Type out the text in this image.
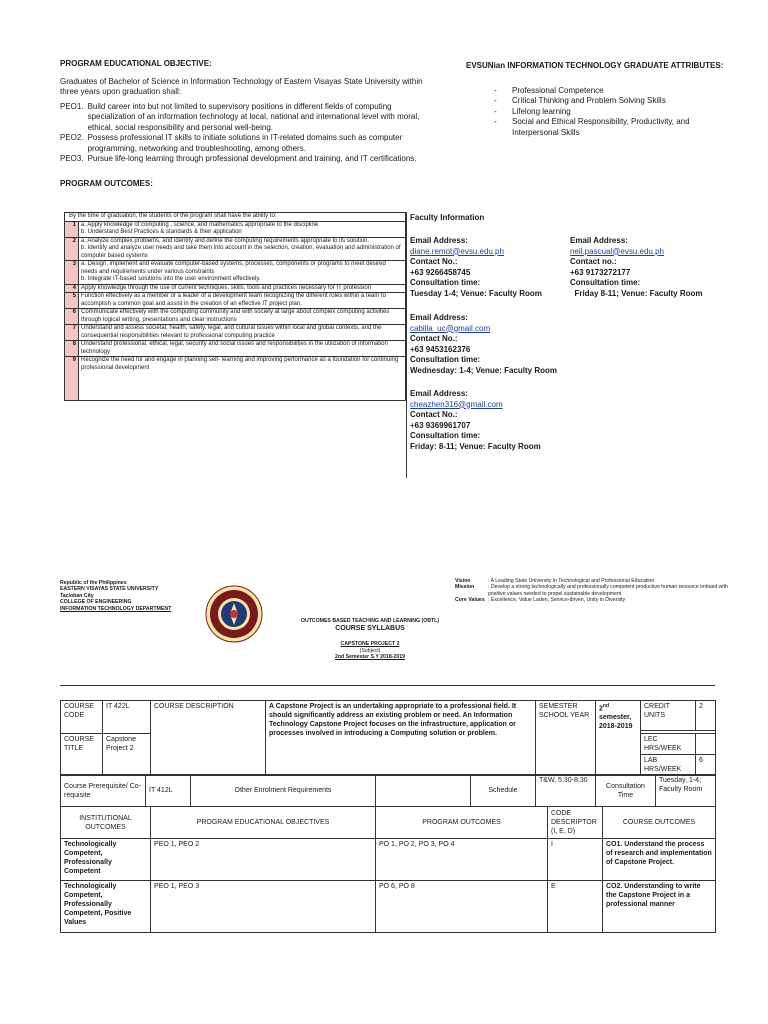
PROGRAM EDUCATIONAL OBJECTIVE:

Graduates of Bachelor of Science in Information Technology of Eastern Visayas State University within three years upon graduation shall:

PEO1. Build career into but not limited to supervisory positions in different fields of computing specialization of an information technology at local, national and international level with moral, ethical, social responsibility and personal well-being.
PEO2. Possess professional IT skills to initiate solutions in IT-related domains such as computer programming, networking and troubleshooting, among others.
PEO3. Pursue life-long learning through professional development and training, and IT certifications.

PROGRAM OUTCOMES:

EVSUNian INFORMATION TECHNOLOGY GRADUATE ATTRIBUTES:
-	Professional Competence
-	Critical Thinking and Problem Solving Skills
-	Lifelong learning
-	Social and Ethical Responsibility, Productivity, and Interpersonal Skills
By the time of graduation, the students of the program shall have the ability to:	
1	a. Apply knowledge of computing , science, and mathematics appropriate to the discipline
b. Understand Best Practices & standards & their application
2	a. Analyze complex problems, and identify and define the computing requirements appropriate to its solution.
b. Identify and analyze user needs and take them into account in the selection, creation, evaluation and administration of computer based systems
3	a. Design, implement and evaluate computer-based systems, processes, components or programs to meet desired needs and requirements under various constraints
b. Integrate IT-based solutions into the user environment effectively.
4	Apply knowledge through the use of current techniques, skills, tools and practices necessary for IT profession
5	Function effectively as a member or a leader of a development team recognizing the different roles within a team to accomplish a common goal and assist in the creation of an effective IT project plan.
6	Communicate effectively with the computing community and with society at large about complex computing activities through logical writing, presentations and clear instructions
7	Understand and assess societal, health, safety, legal, and cultural issues within local and global contexts, and the consequential responsibilities relevant to professional computing practice
8	Understand professional, ethical, legal, security and social issues and responsibilities in the utilization of information technology
9	Recognize the need for and engage in planning self- learning and improving performance as a foundation for continuing professional development
Faculty Information
Email Address:
diane.remot@evsu.edu.ph
Contact No.:
+63 9266458745
Consultation time:
Tuesday 1-4; Venue: Faculty Room
Email Address:
neil.pascual@evsu.edu.ph
Contact no.:
+63 9173272177
Consultation time:
Friday 8-11; Venue: Faculty Room
Email Address:
cabilla_uc@gmail.com
Contact No.:
+63 9453162376
Consultation time:
Wednesday: 1-4; Venue: Faculty Room
Email Address:
cheazhen316@gmail.com
Contact No.:
+63 9369961707
Consultation time:
Friday: 8-11; Venue: Faculty Room
Republic of the Philippines
EASTERN VISAYAS STATE UNIVERSITY
Tacloban City
COLLEGE OF ENGINEERING
INFORMATION TECHNOLOGY DEPARTMENT
Vision	: A Leading State University in Technological and Professional Education
Mission	: Develop a strong technologically and professionally competent productive human resource imbued with positive values needed to propel sustainable development
Core Values : Excellence, Value Laden, Service-driven, Unity in Diversity
OUTCOMES BASED TEACHING AND LEARNING (OBTL)
COURSE SYLLABUS
CAPSTONE PROJECT 2
(Subject)
2nd Semester S.Y 2018-2019
COURSE CODE	IT 422L	COURSE DESCRIPTION	A Capstone Project is an undertaking appropriate to a professional field. It should significantly address an existing problem or need. An Information Technology Capstone Project focuses on the infrastructure, application or processes involved in introducing a Computing solution or problem.	SEMESTER SCHOOL YEAR	2nd
semester, 2018-2019	CREDIT UNITS	2

COURSE TITLE	Capstone Project 2					LEC HRS/WEEK	
						LAB HRS/WEEK	6
Course Prerequisite/ Co-requisite	IT 412L	Other Enrolment Requirements		Schedule	T&W, 5:30-8:30	Consultation Time	Tuesday, 1-4; Faculty Room
INSTITUTIONAL OUTCOMES	PROGRAM EDUCATIONAL OBJECTIVES	PROGRAM OUTCOMES	CODE DESCRIPTOR (I, E, D)	COURSE OUTCOMES
Technologically Competent, Professionally Competent	PEO 1, PEO 2	PO 1, PO 2, PO 3, PO 4	I	CO1. Understand the process of research and implementation of Capstone Project.
Technologically Competent, Professionally Competent, Positive Values	PEO 1, PEO 3	PO 6, PO 8	E	CO2. Understanding to write the Capstone Project in a professional manner
